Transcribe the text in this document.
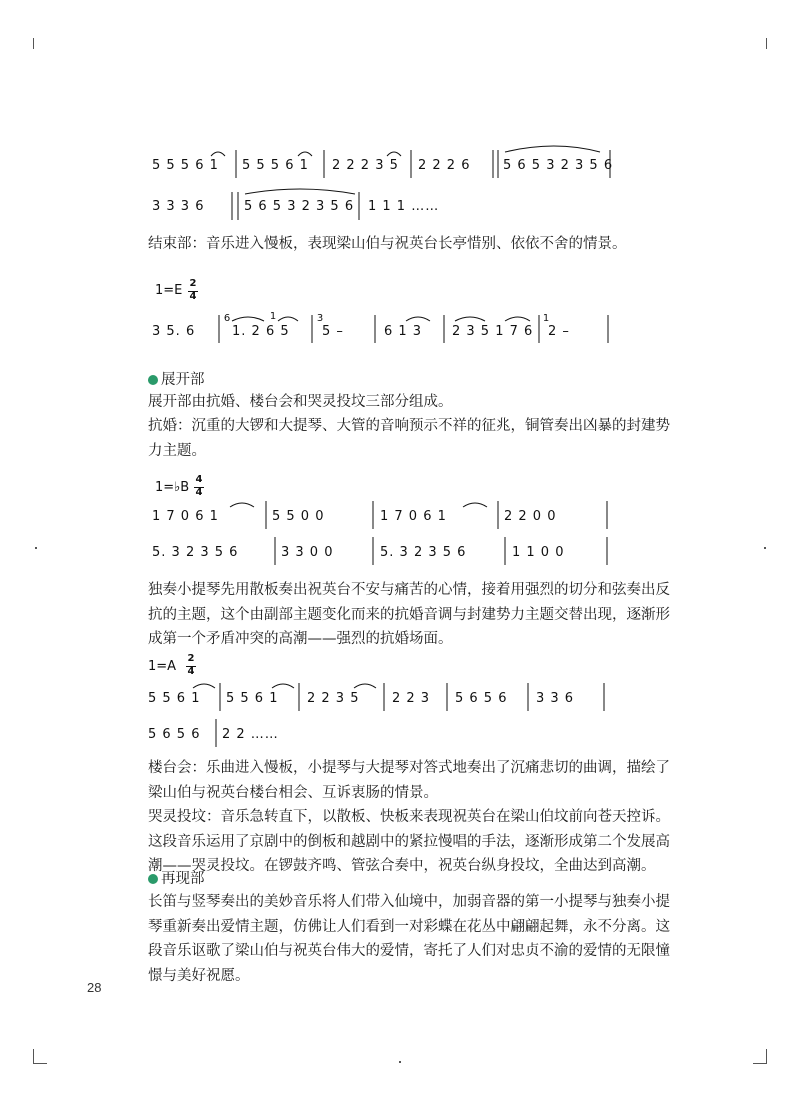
5 5 5 6 1 5 5 5 6 1 2 2 2 3 5 2 2 2 6	5 6 5 3 2 3 5 6
3 3 3 6	5 6 5 3 2 3 5 6 1 1 1 ……

结束部：音乐进入慢板，表现梁山伯与祝英台长亭惜别、依依不舍的情景。

1=E 2
4
3 5. 6	1. 2 6 5 5 –	6 1 3 2 3 5 1 7 6 2 –
6	1	3	1
展开部

展开部由抗婚、楼台会和哭灵投坟三部分组成。

抗婚：沉重的大锣和大提琴、大管的音响预示不祥的征兆，铜管奏出凶暴的封建势力主题。

1=♭B
4
4
1 7 0 6 1	5 5 0 0	1 7 0 6 1	2 2 0 0
5. 3 2 3 5 6	3 3 0 0	5. 3 2 3 5 6	1 1 0 0

独奏小提琴先用散板奏出祝英台不安与痛苦的心情，接着用强烈的切分和弦奏出反抗的主题，这个由副部主题变化而来的抗婚音调与封建势力主题交替出现，逐渐形成第一个矛盾冲突的高潮——强烈的抗婚场面。

1=A
2
4
5 5 6 1 5 5 6 1 2 2 3 5	2 2 3 5 6 5 6 3 3 6
5 6 5 6 2 2 ……

楼台会：乐曲进入慢板，小提琴与大提琴对答式地奏出了沉痛悲切的曲调，描绘了梁山伯与祝英台楼台相会、互诉衷肠的情景。

哭灵投坟：音乐急转直下，以散板、快板来表现祝英台在梁山伯坟前向苍天控诉。这段音乐运用了京剧中的倒板和越剧中的紧拉慢唱的手法，逐渐形成第二个发展高潮——哭灵投坟。在锣鼓齐鸣、管弦合奏中，祝英台纵身投坟，全曲达到高潮。

再现部

长笛与竖琴奏出的美妙音乐将人们带入仙境中，加弱音器的第一小提琴与独奏小提琴重新奏出爱情主题，仿佛让人们看到一对彩蝶在花丛中翩翩起舞，永不分离。这段音乐讴歌了梁山伯与祝英台伟大的爱情，寄托了人们对忠贞不渝的爱情的无限憧憬与美好祝愿。

28
